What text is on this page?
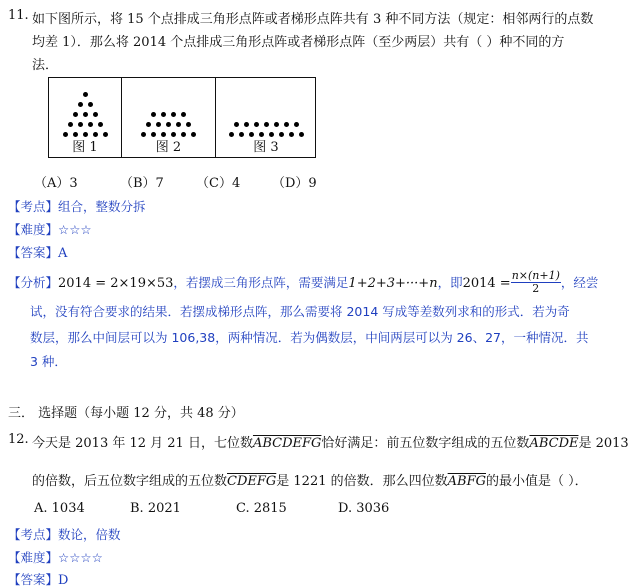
11. 如下图所示，将 15 个点排成三角形点阵或者梯形点阵共有 3 种不同方法（规定：相邻两行的点数
均差 1）．那么将 2014 个点排成三角形点阵或者梯形点阵（至少两层）共有（ ）种不同的方
法．
图 1	图 2	图 3
（A）3	（B）7 （C）4 （D）9
【考点】组合，整数分拆
【难度】☆☆☆
【答案】A
【分析】2014 = 2×19×53，若摆成三角形点阵，需要满足1+2+3+···+n，即$2014 = \frac{n\times(n+1)}{2}$ ，经尝
试，没有符合要求的结果．若摆成梯形点阵，那么需要将 2014 写成等差数列求和的形式．若为奇
数层，那么中间层可以为 106,38，两种情况．若为偶数层，中间两层可以为 26、27，一种情况．共
3 种．
三． 选择题（每小题 12 分，共 48 分）
12. 今天是 2013 年 12 月 21 日，七位数ABCDEFG恰好满足：前五位数字组成的五位数ABCDE是 2013
的倍数，后五位数字组成的五位数CDEFG是 1221 的倍数．那么四位数ABFG的最小值是（ ）．
A. 1034	B. 2021	C. 2815	D. 3036
【考点】数论，倍数
【难度】☆☆☆☆
【答案】D
